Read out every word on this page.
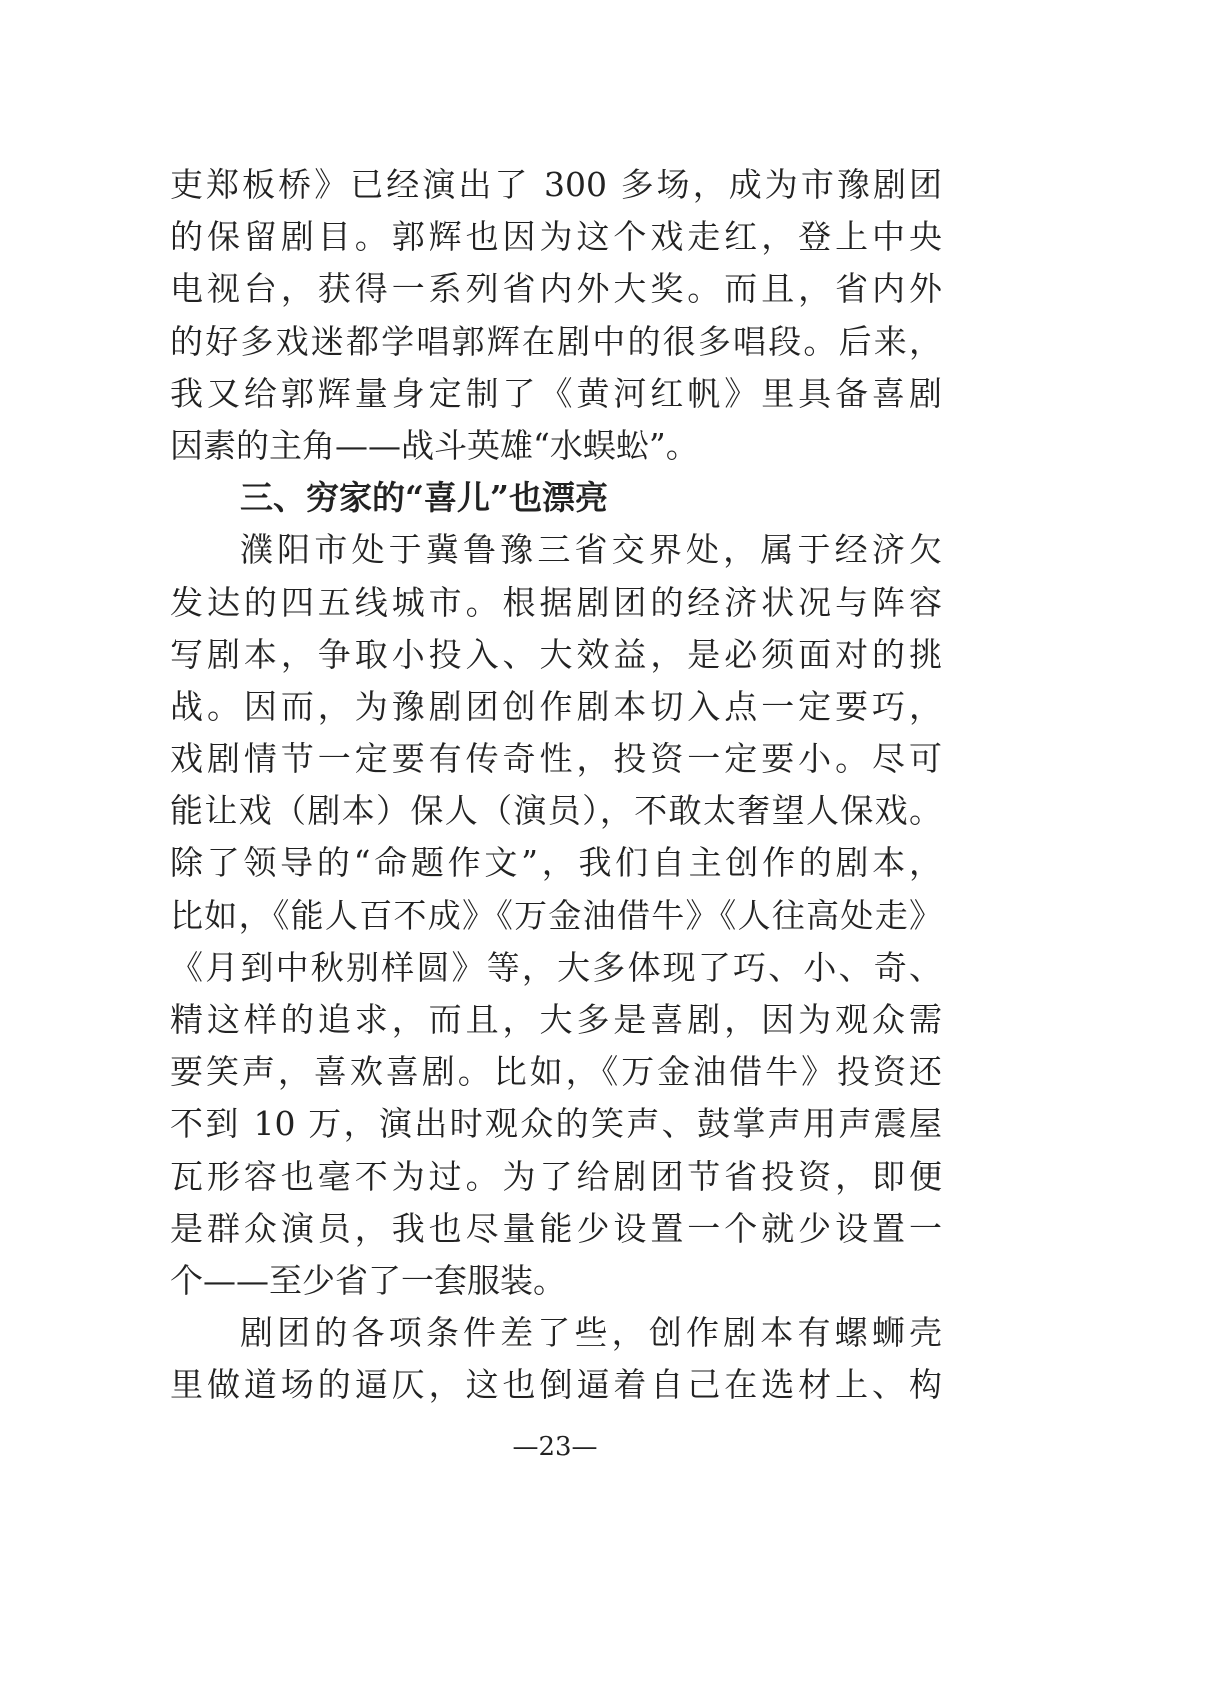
吏郑板桥》已经演出了 300 多场，成为市豫剧团
的保留剧目。郭辉也因为这个戏走红，登上中央
电视台，获得一系列省内外大奖。而且，省内外
的好多戏迷都学唱郭辉在剧中的很多唱段。后来，
我又给郭辉量身定制了《黄河红帆》里具备喜剧
因素的主角——战斗英雄“水蜈蚣”。
三、穷家的“喜儿”也漂亮
濮阳市处于冀鲁豫三省交界处，属于经济欠
发达的四五线城市。根据剧团的经济状况与阵容
写剧本，争取小投入、大效益，是必须面对的挑
战。因而，为豫剧团创作剧本切入点一定要巧，
戏剧情节一定要有传奇性，投资一定要小。尽可
能让戏（剧本）保人（演员），不敢太奢望人保戏。
除了领导的“命题作文”，我们自主创作的剧本，
比如，《能人百不成》《万金油借牛》《人往高处走》
《月到中秋别样圆》等，大多体现了巧、小、奇、
精这样的追求，而且，大多是喜剧，因为观众需
要笑声，喜欢喜剧。比如，《万金油借牛》投资还
不到 10 万，演出时观众的笑声、鼓掌声用声震屋
瓦形容也毫不为过。为了给剧团节省投资，即便
是群众演员，我也尽量能少设置一个就少设置一
个——至少省了一套服装。
剧团的各项条件差了些，创作剧本有螺蛳壳
里做道场的逼仄，这也倒逼着自己在选材上、构
—23—
